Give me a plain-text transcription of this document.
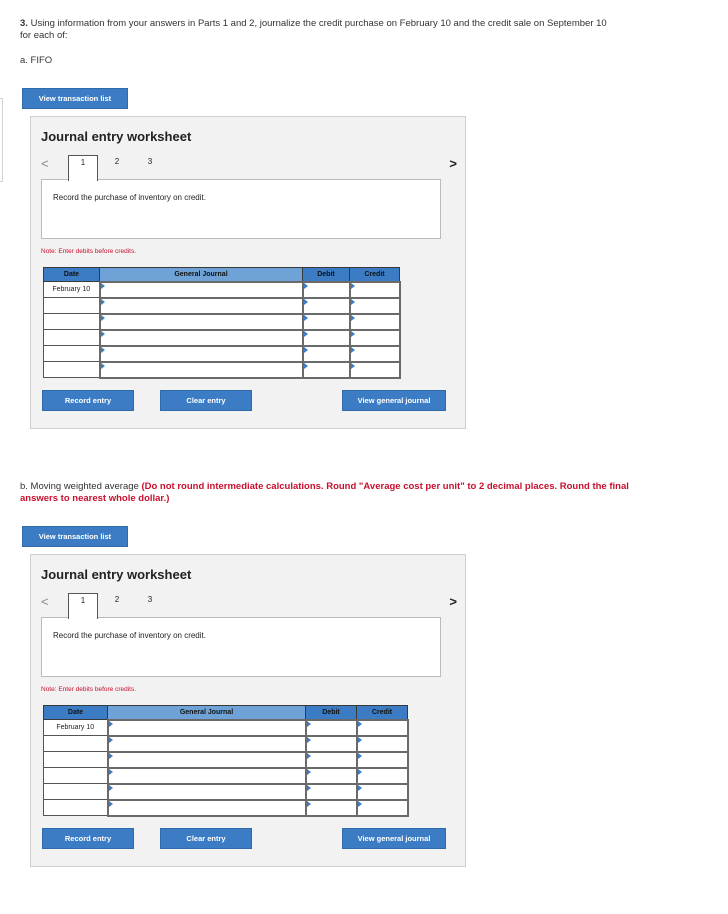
3. Using information from your answers in Parts 1 and 2, journalize the credit purchase on February 10 and the credit sale on September 10 for each of:
a. FIFO
View transaction list
Journal entry worksheet
<	1	2	3	>
Record the purchase of inventory on credit.
Note: Enter debits before credits.
Date	General Journal	Debit	Credit
February 10			

Record entry	Clear entry	View general journal
b. Moving weighted average (Do not round intermediate calculations. Round "Average cost per unit" to 2 decimal places. Round the final answers to nearest whole dollar.)
View transaction list
Journal entry worksheet
<	1	2	3	>
Record the purchase of inventory on credit.
Note: Enter debits before credits.
Date	General Journal	Debit	Credit
February 10			

Record entry	Clear entry	View general journal
